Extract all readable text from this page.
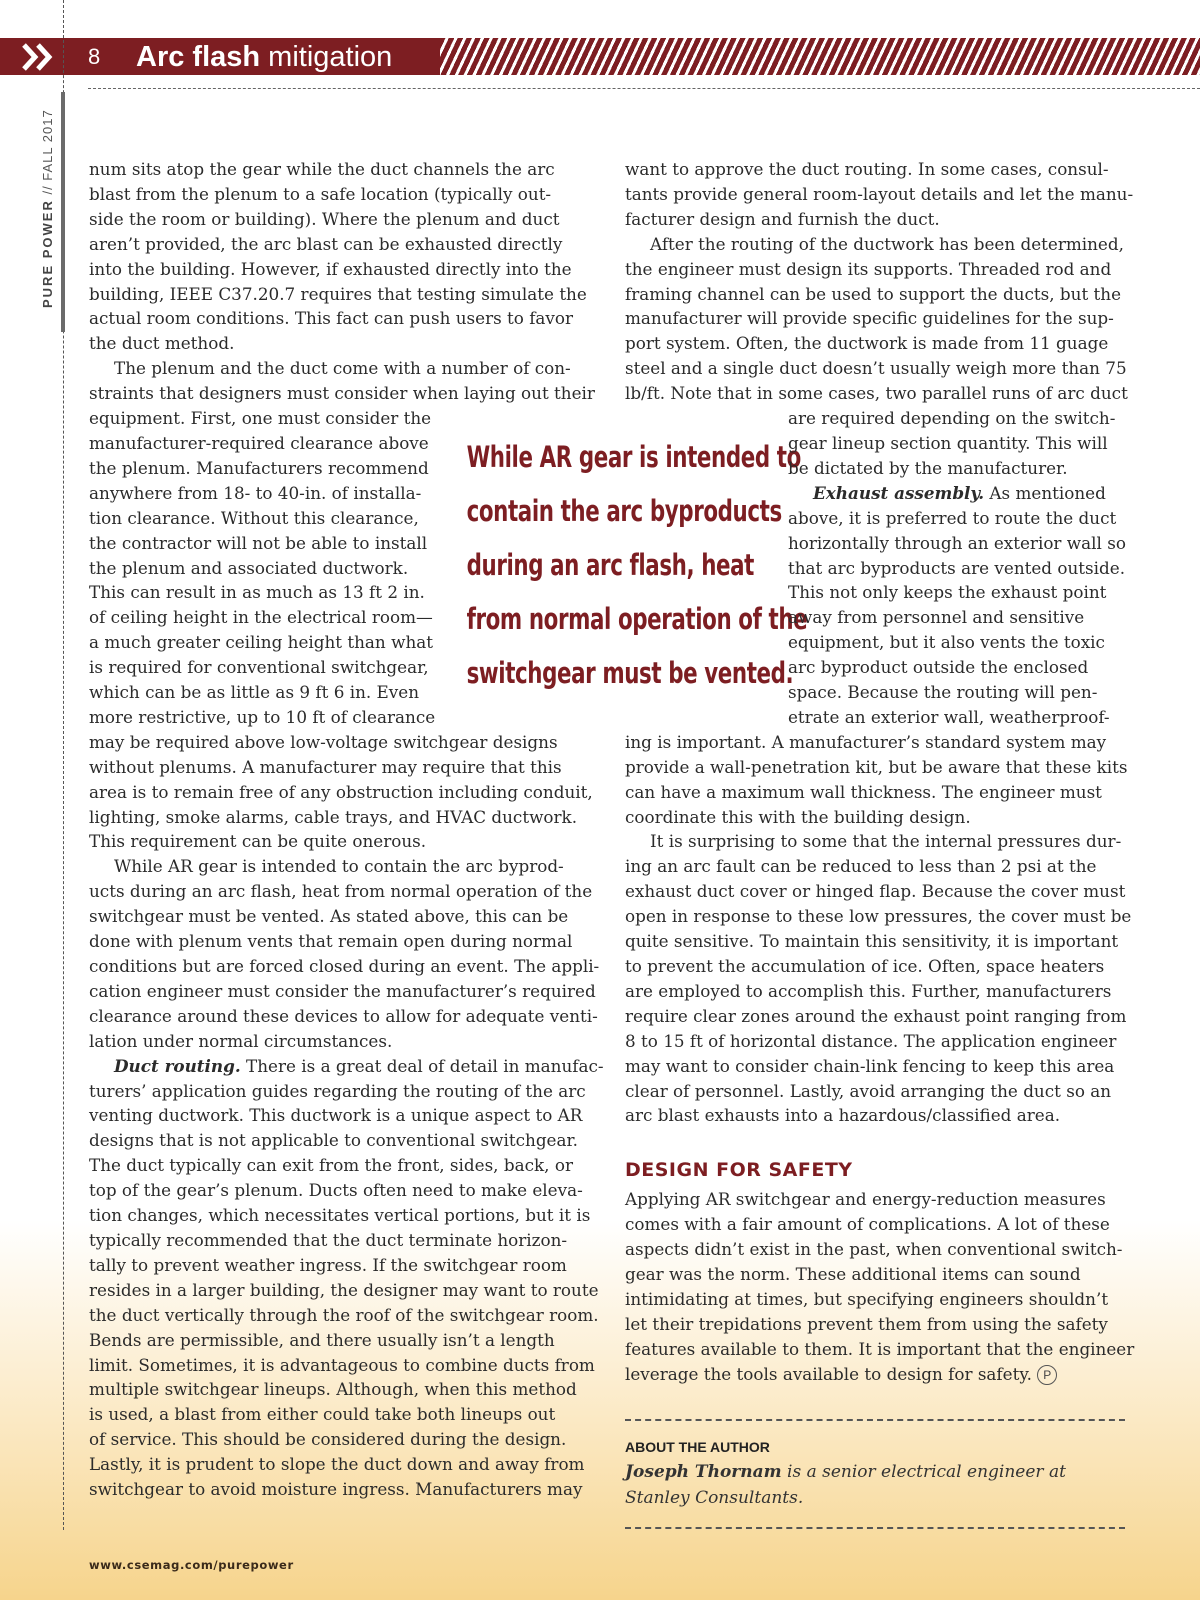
8 Arc flash mitigation
PURE POWER // FALL 2017 num sits atop the gear while the duct channels the arc
blast from the plenum to a safe location (typically out-
side the room or building). Where the plenum and duct
aren’t provided, the arc blast can be exhausted directly
into the building. However, if exhausted directly into the
building, IEEE C37.20.7 requires that testing simulate the
actual room conditions. This fact can push users to favor
the duct method.

The plenum and the duct come with a number of con-
straints that designers must consider when laying out their
equipment. First, one must consider the
manufacturer-required clearance above
the plenum. Manufacturers recommend
anywhere from 18- to 40-in. of installa-
tion clearance. Without this clearance,
the contractor will not be able to install
the plenum and associated ductwork.
This can result in as much as 13 ft 2 in.
of ceiling height in the electrical room—
a much greater ceiling height than what
is required for conventional switchgear,
which can be as little as 9 ft 6 in. Even
more restrictive, up to 10 ft of clearance
may be required above low-voltage switchgear designs
without plenums. A manufacturer may require that this
area is to remain free of any obstruction including conduit,
lighting, smoke alarms, cable trays, and HVAC ductwork.
This requirement can be quite onerous.

While AR gear is intended to contain the arc byprod-
ucts during an arc flash, heat from normal operation of the
switchgear must be vented. As stated above, this can be
done with plenum vents that remain open during normal
conditions but are forced closed during an event. The appli-
cation engineer must consider the manufacturer’s required
clearance around these devices to allow for adequate venti-
lation under normal circumstances.

Duct routing. There is a great deal of detail in manufac-
turers’ application guides regarding the routing of the arc
venting ductwork. This ductwork is a unique aspect to AR
designs that is not applicable to conventional switchgear.
The duct typically can exit from the front, sides, back, or
top of the gear’s plenum. Ducts often need to make eleva-
tion changes, which necessitates vertical portions, but it is
typically recommended that the duct terminate horizon-
tally to prevent weather ingress. If the switchgear room
resides in a larger building, the designer may want to route
the duct vertically through the roof of the switchgear room.
Bends are permissible, and there usually isn’t a length
limit. Sometimes, it is advantageous to combine ducts from
multiple switchgear lineups. Although, when this method
is used, a blast from either could take both lineups out
of service. This should be considered during the design.
Lastly, it is prudent to slope the duct down and away from
switchgear to avoid moisture ingress. Manufacturers may

While AR gear is intended to
contain the arc byproducts
during an arc flash, heat
from normal operation of the
switchgear must be vented.

want to approve the duct routing. In some cases, consul-
tants provide general room-layout details and let the manu-
facturer design and furnish the duct.

After the routing of the ductwork has been determined,
the engineer must design its supports. Threaded rod and
framing channel can be used to support the ducts, but the
manufacturer will provide specific guidelines for the sup-
port system. Often, the ductwork is made from 11 guage
steel and a single duct doesn’t usually weigh more than 75
lb/ft. Note that in some cases, two parallel runs of arc duct

are required depending on the switch-
gear lineup section quantity. This will
be dictated by the manufacturer.

Exhaust assembly. As mentioned
above, it is preferred to route the duct
horizontally through an exterior wall so
that arc byproducts are vented outside.
This not only keeps the exhaust point
away from personnel and sensitive
equipment, but it also vents the toxic
arc byproduct outside the enclosed
space. Because the routing will pen-
etrate an exterior wall, weatherproof-

ing is important. A manufacturer’s standard system may
provide a wall-penetration kit, but be aware that these kits
can have a maximum wall thickness. The engineer must
coordinate this with the building design.

It is surprising to some that the internal pressures dur-
ing an arc fault can be reduced to less than 2 psi at the
exhaust duct cover or hinged flap. Because the cover must
open in response to these low pressures, the cover must be
quite sensitive. To maintain this sensitivity, it is important
to prevent the accumulation of ice. Often, space heaters
are employed to accomplish this. Further, manufacturers
require clear zones around the exhaust point ranging from
8 to 15 ft of horizontal distance. The application engineer
may want to consider chain-link fencing to keep this area
clear of personnel. Lastly, avoid arranging the duct so an
arc blast exhausts into a hazardous/classified area.

DESIGN FOR SAFETY

Applying AR switchgear and energy-reduction measures
comes with a fair amount of complications. A lot of these
aspects didn’t exist in the past, when conventional switch-
gear was the norm. These additional items can sound
intimidating at times, but specifying engineers shouldn’t
let their trepidations prevent them from using the safety
features available to them. It is important that the engineer
leverage the tools available to design for safety. P

ABOUT THE AUTHOR
Joseph Thornam is a senior electrical engineer at Stanley Consultants.
www.csemag.com/purepower
